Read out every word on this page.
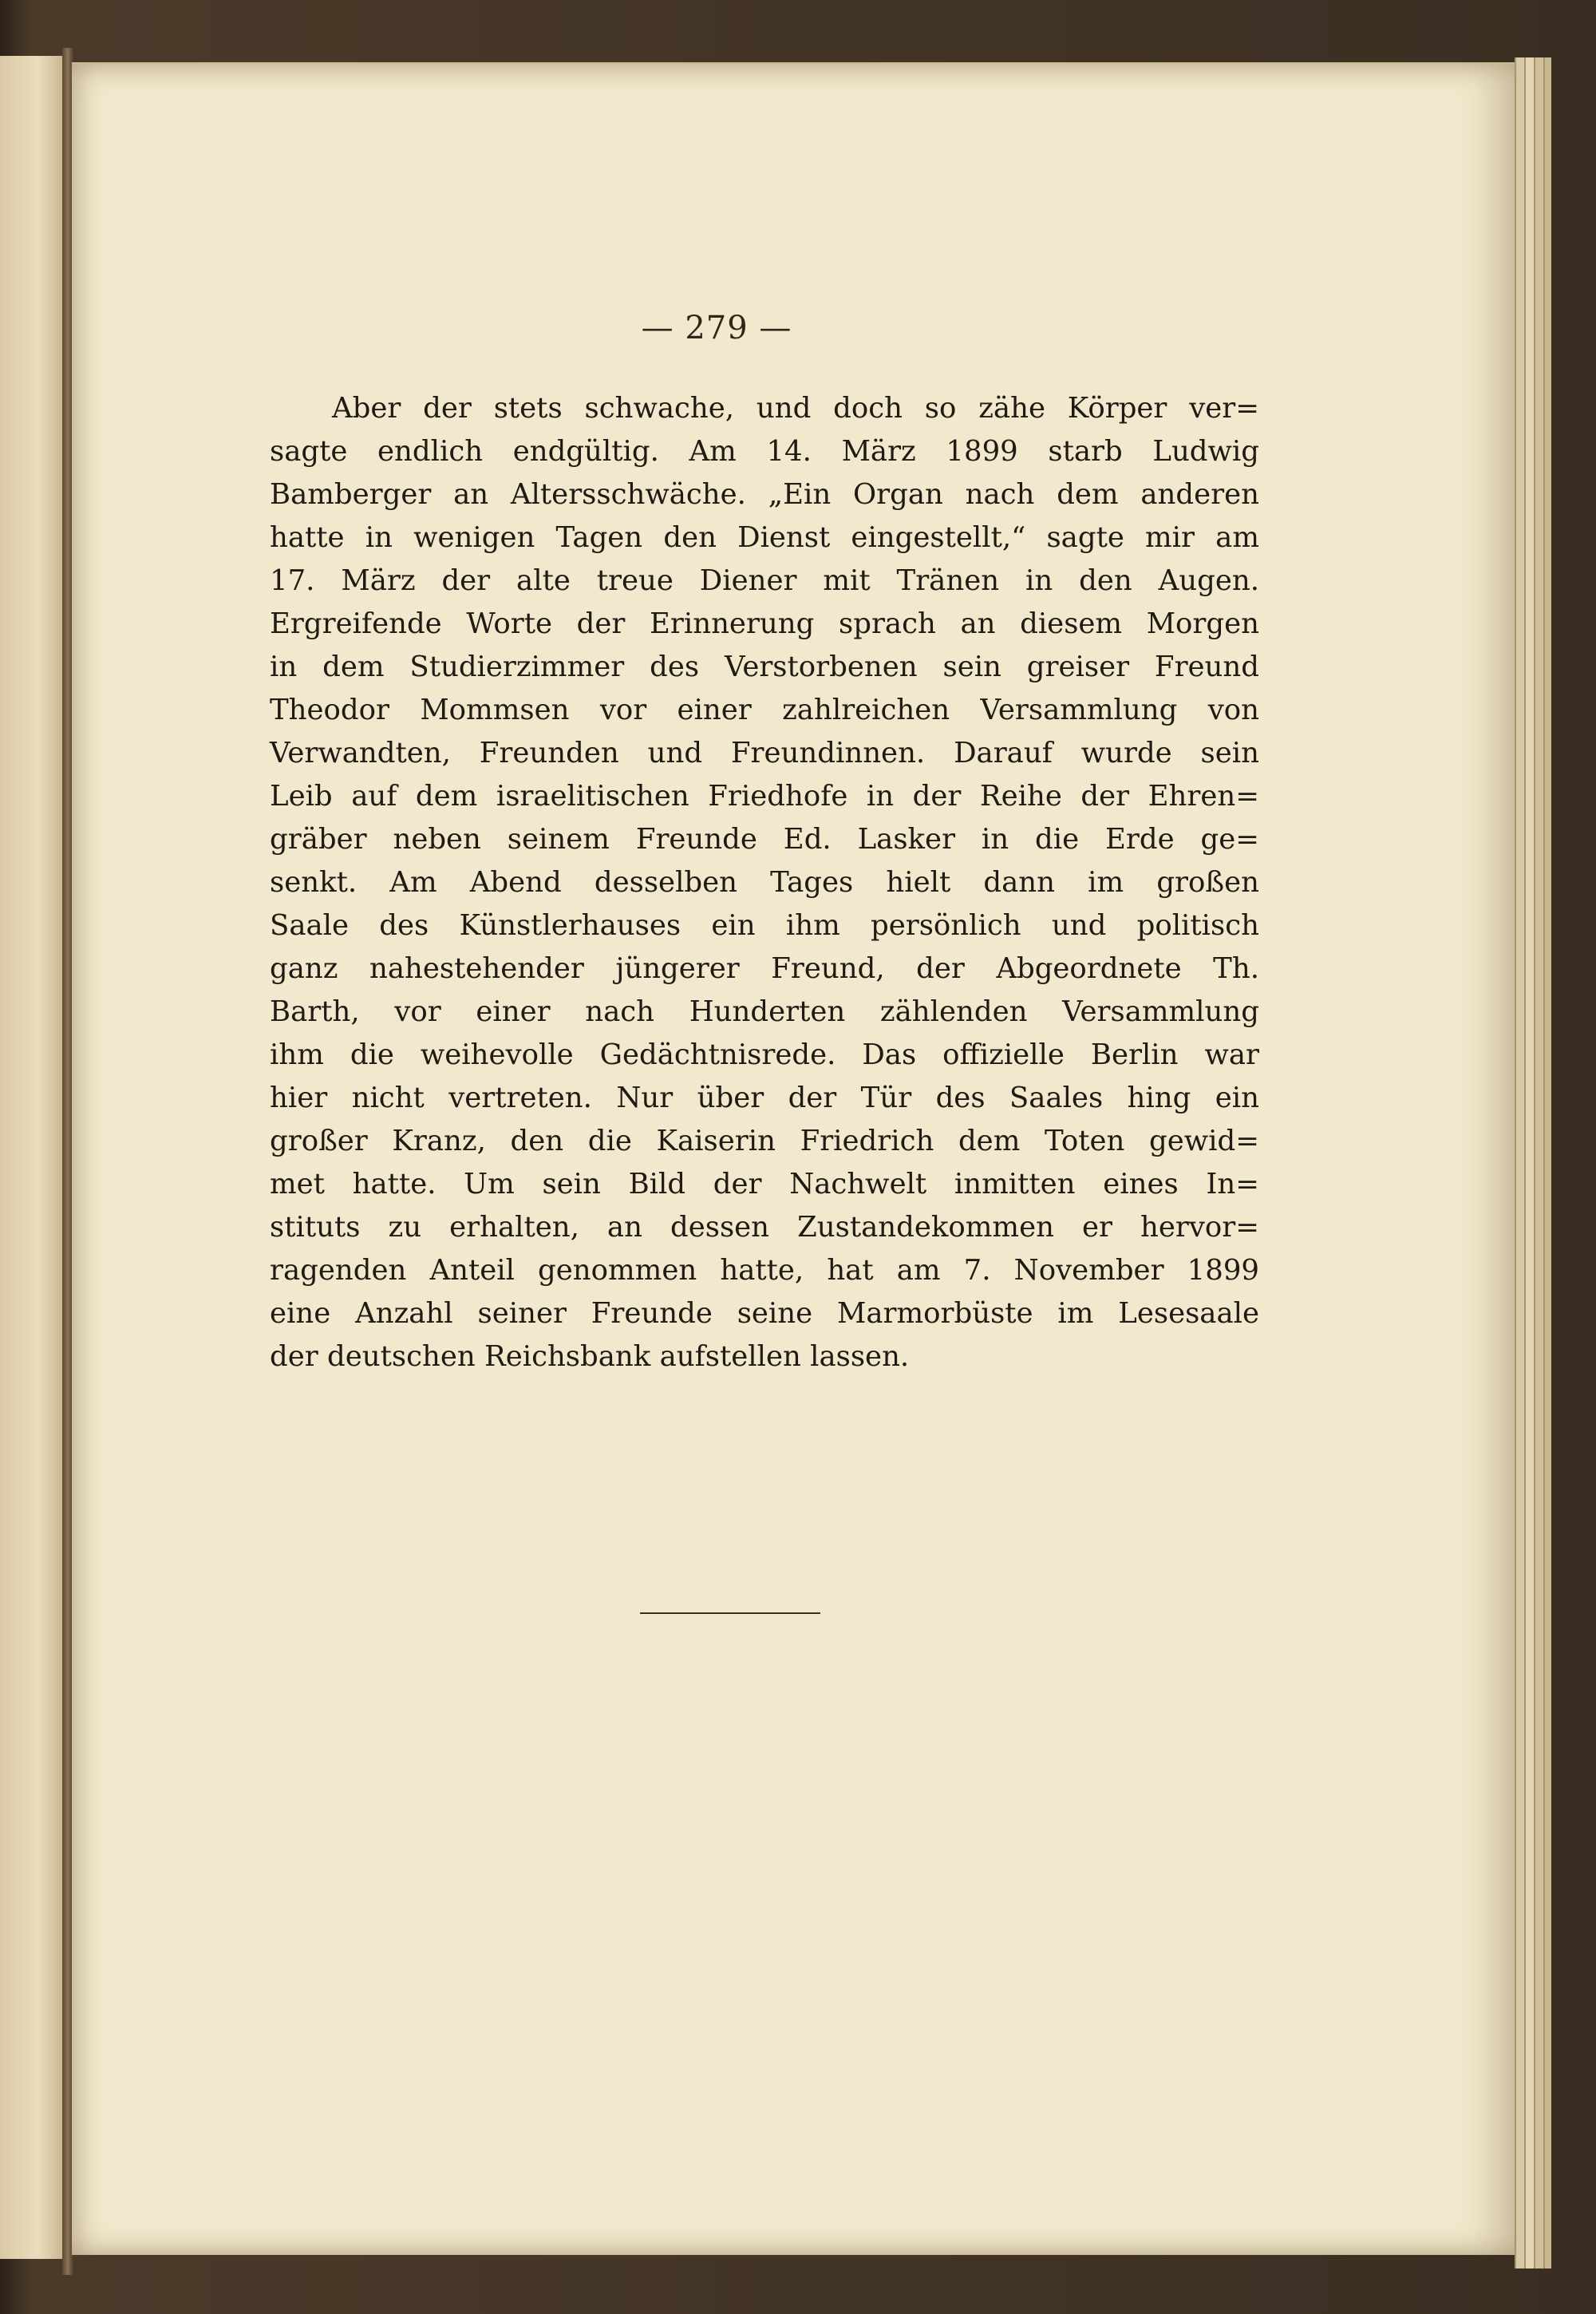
— 279 —
Aber der stets schwache, und doch so zähe Körper ver=
sagte endlich endgültig. Am 14. März 1899 starb Ludwig
Bamberger an Altersschwäche. „Ein Organ nach dem anderen
hatte in wenigen Tagen den Dienst eingestellt,“ sagte mir am
17. März der alte treue Diener mit Tränen in den Augen.
Ergreifende Worte der Erinnerung sprach an diesem Morgen
in dem Studierzimmer des Verstorbenen sein greiser Freund
Theodor Mommsen vor einer zahlreichen Versammlung von
Verwandten, Freunden und Freundinnen. Darauf wurde sein
Leib auf dem israelitischen Friedhofe in der Reihe der Ehren=
gräber neben seinem Freunde Ed. Lasker in die Erde ge=
senkt. Am Abend desselben Tages hielt dann im großen
Saale des Künstlerhauses ein ihm persönlich und politisch
ganz nahestehender jüngerer Freund, der Abgeordnete Th.
Barth, vor einer nach Hunderten zählenden Versammlung
ihm die weihevolle Gedächtnisrede. Das offizielle Berlin war
hier nicht vertreten. Nur über der Tür des Saales hing ein
großer Kranz, den die Kaiserin Friedrich dem Toten gewid=
met hatte. Um sein Bild der Nachwelt inmitten eines In=
stituts zu erhalten, an dessen Zustandekommen er hervor=
ragenden Anteil genommen hatte, hat am 7. November 1899
eine Anzahl seiner Freunde seine Marmorbüste im Lesesaale
der deutschen Reichsbank aufstellen lassen.
